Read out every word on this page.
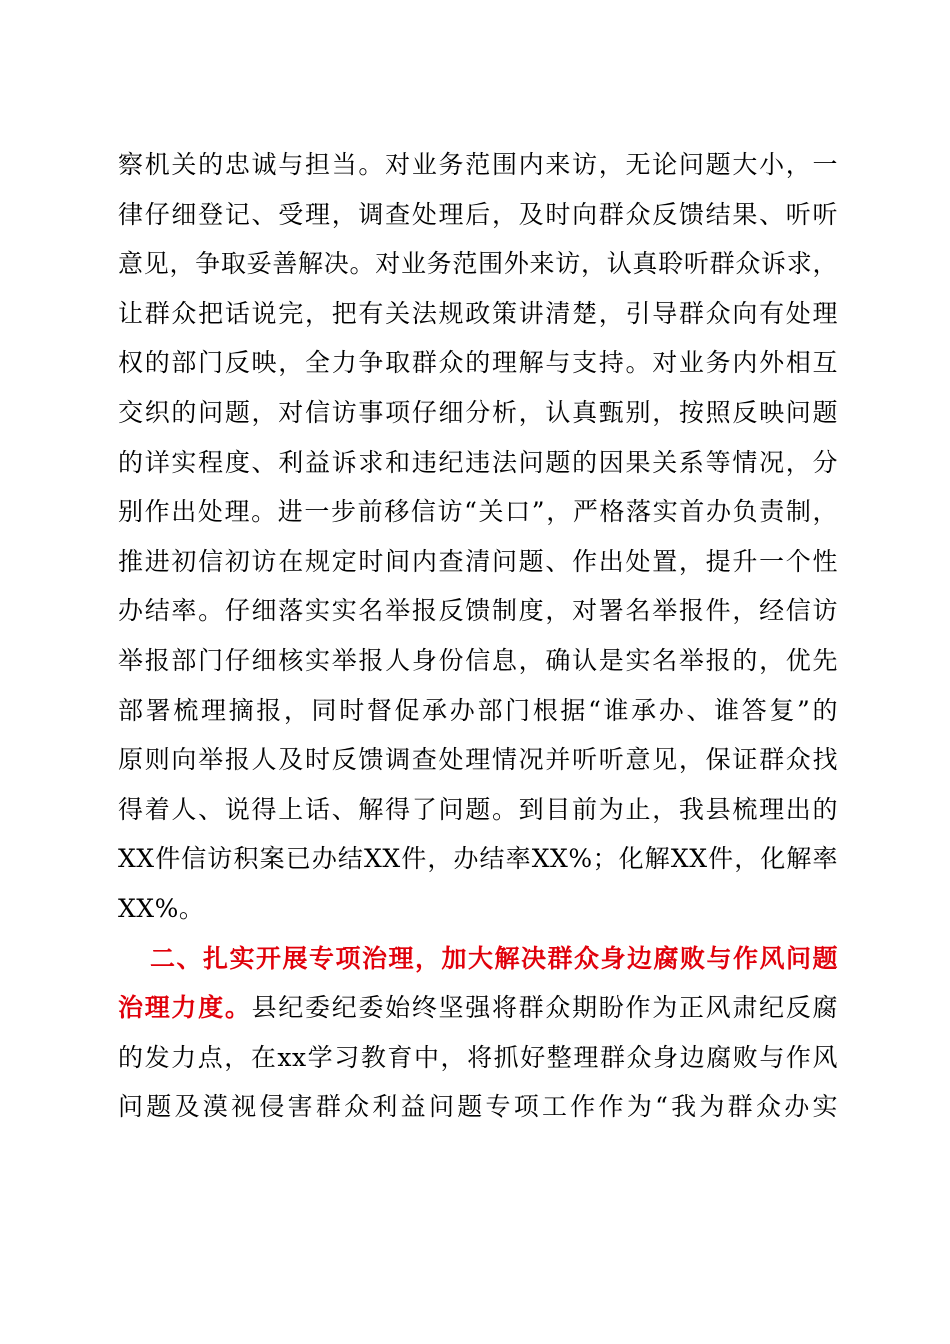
察机关的忠诚与担当。对业务范围内来访，无论问题大小，一
律仔细登记、受理，调查处理后，及时向群众反馈结果、听听
意见，争取妥善解决。对业务范围外来访，认真聆听群众诉求，
让群众把话说完，把有关法规政策讲清楚，引导群众向有处理
权的部门反映，全力争取群众的理解与支持。对业务内外相互
交织的问题，对信访事项仔细分析，认真甄别，按照反映问题
的详实程度、利益诉求和违纪违法问题的因果关系等情况，分
别作出处理。进一步前移信访“关口”，严格落实首办负责制，
推进初信初访在规定时间内查清问题、作出处置，提升一个性
办结率。仔细落实实名举报反馈制度，对署名举报件，经信访
举报部门仔细核实举报人身份信息，确认是实名举报的，优先
部署梳理摘报，同时督促承办部门根据“谁承办、谁答复”的
原则向举报人及时反馈调查处理情况并听听意见，保证群众找
得着人、说得上话、解得了问题。到目前为止，我县梳理出的
XX件信访积案已办结XX件，办结率XX%；化解XX件，化解率
XX%。
二、扎实开展专项治理，加大解决群众身边腐败与作风问题
治理力度。县纪委纪委始终坚强将群众期盼作为正风肃纪反腐
的发力点，在xx学习教育中，将抓好整理群众身边腐败与作风
问题及漠视侵害群众利益问题专项工作作为“我为群众办实
